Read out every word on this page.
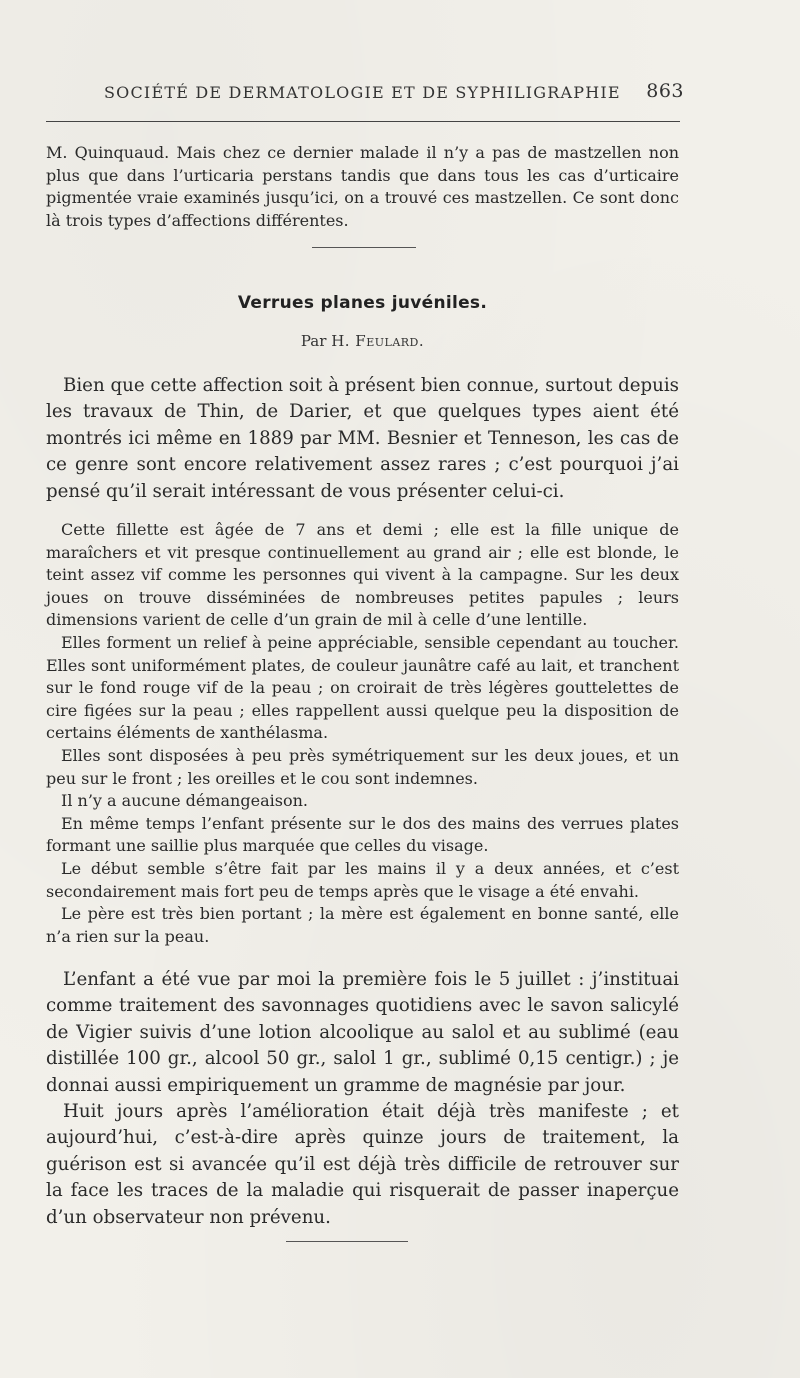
SOCIÉTÉ DE DERMATOLOGIE ET DE SYPHILIGRAPHIE 863

M. Quinquaud. Mais chez ce dernier malade il n’y a pas de mastzellen non plus que dans l’urticaria perstans tandis que dans tous les cas d’urticaire pigmentée vraie examinés jusqu’ici, on a trouvé ces mastzellen. Ce sont donc là trois types d’affections différentes.

Verrues planes juvéniles.
Par H. Feulard.

Bien que cette affection soit à présent bien connue, surtout depuis les travaux de Thin, de Darier, et que quelques types aient été montrés ici même en 1889 par MM. Besnier et Tenneson, les cas de ce genre sont encore relativement assez rares ; c’est pourquoi j’ai pensé qu’il serait intéressant de vous présenter celui-ci.

Cette fillette est âgée de 7 ans et demi ; elle est la fille unique de maraîchers et vit presque continuellement au grand air ; elle est blonde, le teint assez vif comme les personnes qui vivent à la campagne. Sur les deux joues on trouve disséminées de nombreuses petites papules ; leurs dimensions varient de celle d’un grain de mil à celle d’une lentille.

Elles forment un relief à peine appréciable, sensible cependant au toucher. Elles sont uniformément plates, de couleur jaunâtre café au lait, et tranchent sur le fond rouge vif de la peau ; on croirait de très légères gouttelettes de cire figées sur la peau ; elles rappellent aussi quelque peu la disposition de certains éléments de xanthélasma.

Elles sont disposées à peu près symétriquement sur les deux joues, et un peu sur le front ; les oreilles et le cou sont indemnes.

Il n’y a aucune démangeaison.

En même temps l’enfant présente sur le dos des mains des verrues plates formant une saillie plus marquée que celles du visage.

Le début semble s’être fait par les mains il y a deux années, et c’est secondairement mais fort peu de temps après que le visage a été envahi.

Le père est très bien portant ; la mère est également en bonne santé, elle n’a rien sur la peau.

L’enfant a été vue par moi la première fois le 5 juillet : j’instituai comme traitement des savonnages quotidiens avec le savon salicylé de Vigier suivis d’une lotion alcoolique au salol et au sublimé (eau distillée 100 gr., alcool 50 gr., salol 1 gr., sublimé 0,15 centigr.) ; je donnai aussi empiriquement un gramme de magnésie par jour.

Huit jours après l’amélioration était déjà très manifeste ; et aujourd’hui, c’est-à-dire après quinze jours de traitement, la guérison est si avancée qu’il est déjà très difficile de retrouver sur la face les traces de la maladie qui risquerait de passer inaperçue d’un observateur non prévenu.
